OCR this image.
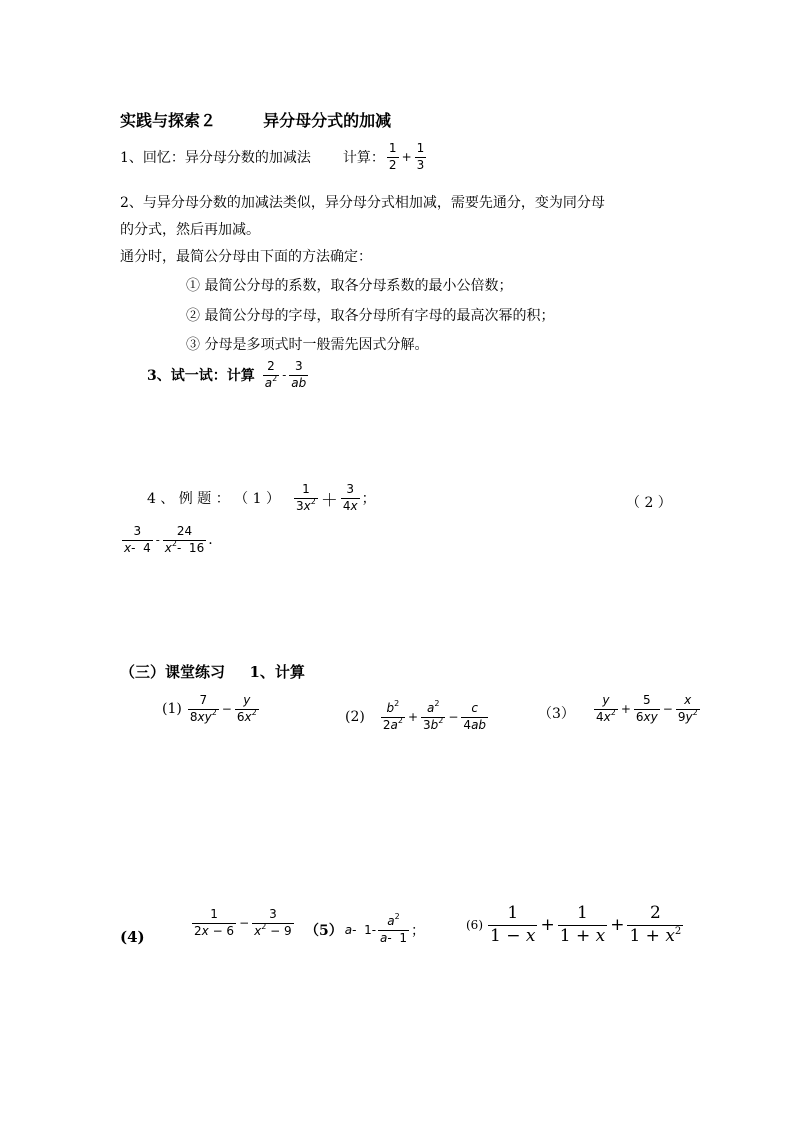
实践与探索２	异分母分式的加减
1、回忆：异分母分数的加减法 计算： $\frac{1}{2} + \frac{1}{3}$
2、与异分母分数的加减法类似，异分母分式相加减，需要先通分，变为同分母
的分式，然后再加减。
通分时，最简公分母由下面的方法确定：
① 最简公分母的系数，取各分母系数的最小公倍数；
② 最简公分母的字母，取各分母所有字母的最高次幂的积；
③ 分母是多项式时一般需先因式分解。
3、试一试：计算 $\frac{2}{a^2} - \frac{3}{ab}$
4 、 例 题 ： （ 1 ） $\frac{1}{3x^2} + \frac{3}{4x}$ ；	（ 2 ）
$\frac{3}{x- 4} - \frac{24}{x^2- 16}$ .
（三）课堂练习 1、计算
$(1) \frac{7}{8xy^2} - \frac{y}{6x^2}$	$(2) \frac{b^2}{2a^2} + \frac{a^2}{3b^2} - \frac{c}{4ab}$	$(3) \frac{y}{4x^2} + \frac{5}{6xy} - \frac{x}{9y^2}$
(4)	$\frac{1}{2x - 6} - \frac{3}{x^2 - 9} (5)$ a-  $1- \frac{a^2}{a- 1}$ ；	$(6) \frac{1}{1 - x} + \frac{1}{1 + x} + \frac{2}{1 + x^2}$
